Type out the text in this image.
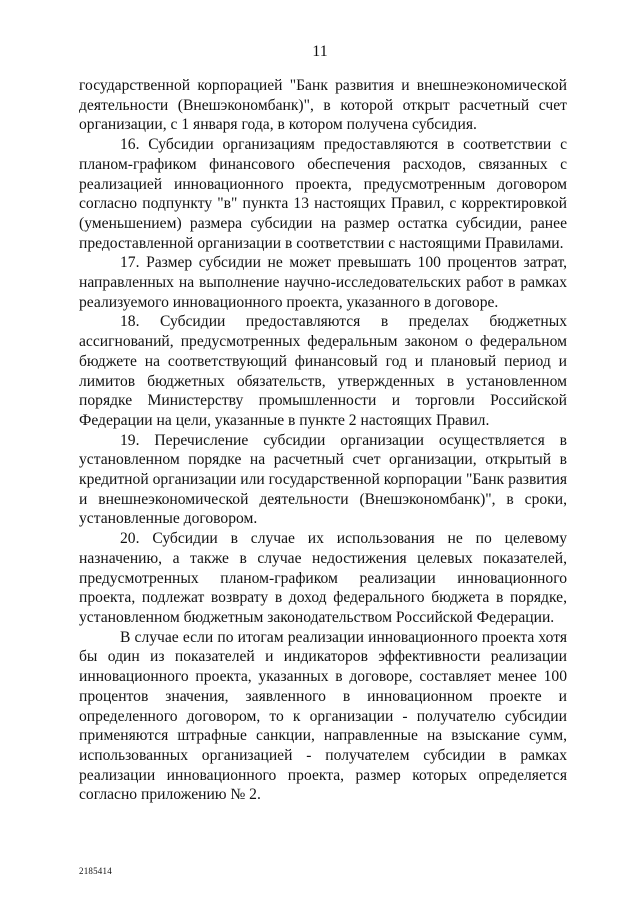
11

государственной корпорацией "Банк развития и внешнеэкономической деятельности (Внешэкономбанк)", в которой открыт расчетный счет организации, с 1 января года, в котором получена субсидия.

16. Субсидии организациям предоставляются в соответствии с планом-графиком финансового обеспечения расходов, связанных с реализацией инновационного проекта, предусмотренным договором согласно подпункту "в" пункта 13 настоящих Правил, с корректировкой (уменьшением) размера субсидии на размер остатка субсидии, ранее предоставленной организации в соответствии с настоящими Правилами.

17. Размер субсидии не может превышать 100 процентов затрат, направленных на выполнение научно-исследовательских работ в рамках реализуемого инновационного проекта, указанного в договоре.

18. Субсидии предоставляются в пределах бюджетных ассигнований, предусмотренных федеральным законом о федеральном бюджете на соответствующий финансовый год и плановый период и лимитов бюджетных обязательств, утвержденных в установленном порядке Министерству промышленности и торговли Российской Федерации на цели, указанные в пункте 2 настоящих Правил.

19. Перечисление субсидии организации осуществляется в установленном порядке на расчетный счет организации, открытый в кредитной организации или государственной корпорации "Банк развития и внешнеэкономической деятельности (Внешэкономбанк)", в сроки, установленные договором.

20. Субсидии в случае их использования не по целевому назначению, а также в случае недостижения целевых показателей, предусмотренных планом-графиком реализации инновационного проекта, подлежат возврату в доход федерального бюджета в порядке, установленном бюджетным законодательством Российской Федерации.

В случае если по итогам реализации инновационного проекта хотя бы один из показателей и индикаторов эффективности реализации инновационного проекта, указанных в договоре, составляет менее 100 процентов значения, заявленного в инновационном проекте и определенного договором, то к организации - получателю субсидии применяются штрафные санкции, направленные на взыскание сумм, использованных организацией - получателем субсидии в рамках реализации инновационного проекта, размер которых определяется согласно приложению № 2.

2185414
